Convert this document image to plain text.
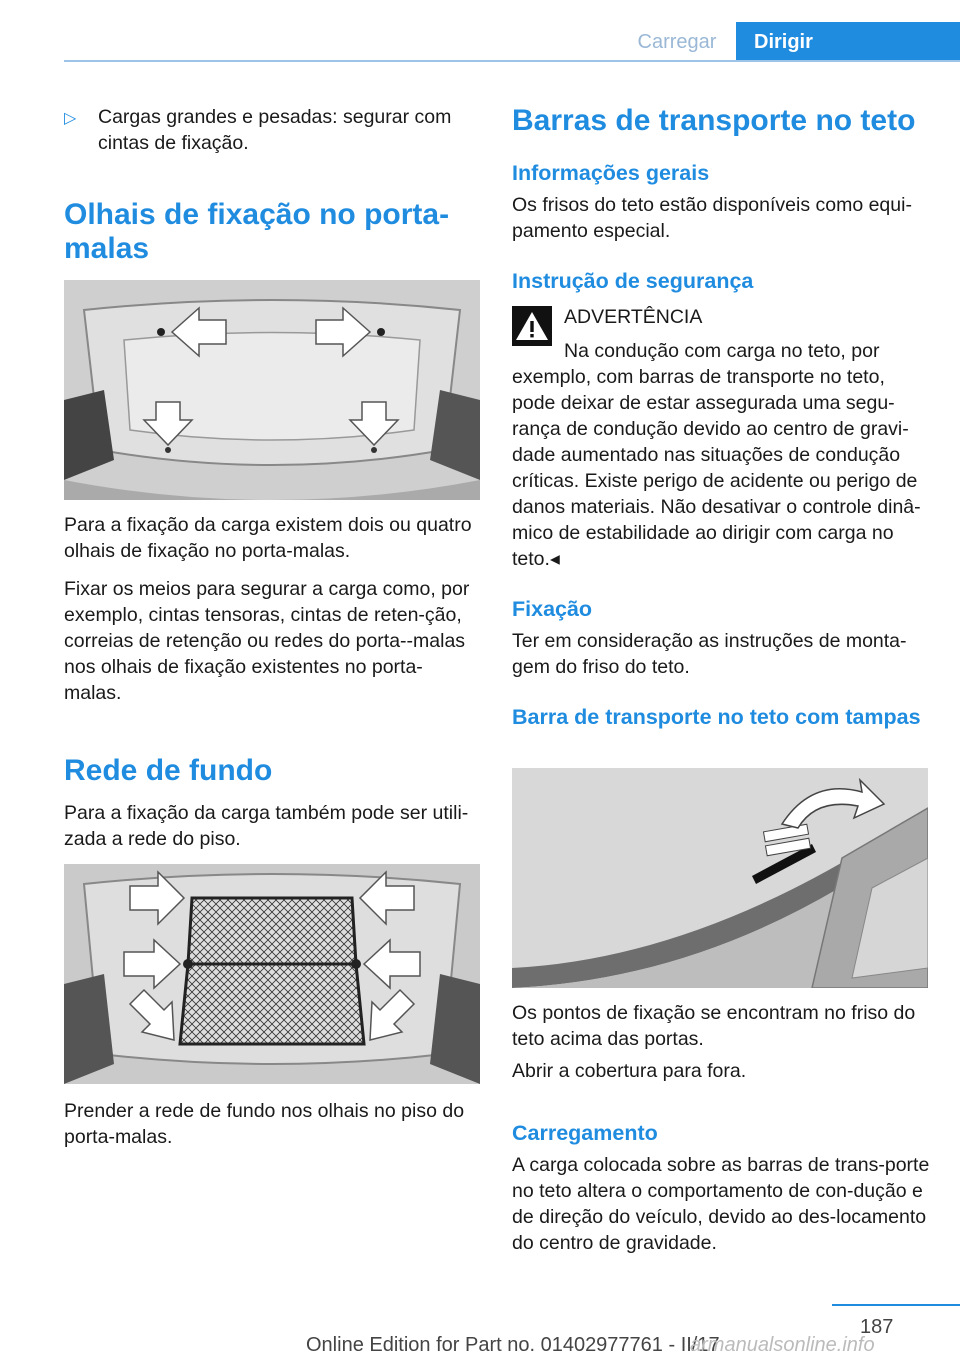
Carregar	Dirigir
▷	Cargas grandes e pesadas: segurar com cintas de fixação.

Olhais de fixação no porta-malas

Para a fixação da carga existem dois ou quatro olhais de fixação no porta-malas.

Fixar os meios para segurar a carga como, por exemplo, cintas tensoras, cintas de reten-ção, correias de retenção ou redes do porta--malas nos olhais de fixação existentes no porta-malas.

Rede de fundo

Para a fixação da carga também pode ser utili-zada a rede do piso.

Prender a rede de fundo nos olhais no piso do porta-malas.

Barras de transporte no teto
Informações gerais

Os frisos do teto estão disponíveis como equi-pamento especial.

Instrução de segurança

ADVERTÊNCIA

Na condução com carga no teto, por exemplo, com barras de transporte no teto, pode deixar de estar assegurada uma segu-rança de condução devido ao centro de gravi-dade aumentado nas situações de condução críticas. Existe perigo de acidente ou perigo de danos materiais. Não desativar o controle dinâ-mico de estabilidade ao dirigir com carga no teto.◂
Fixação

Ter em consideração as instruções de monta-gem do friso do teto.

Barra de transporte no teto com tampas

Os pontos de fixação se encontram no friso do teto acima das portas.

Abrir a cobertura para fora.

Carregamento

A carga colocada sobre as barras de trans-porte no teto altera o comportamento de con-dução e de direção do veículo, devido ao des-locamento do centro de gravidade.

187
Online Edition for Part no. 01402977761 - II/17
armanualsonline.info
